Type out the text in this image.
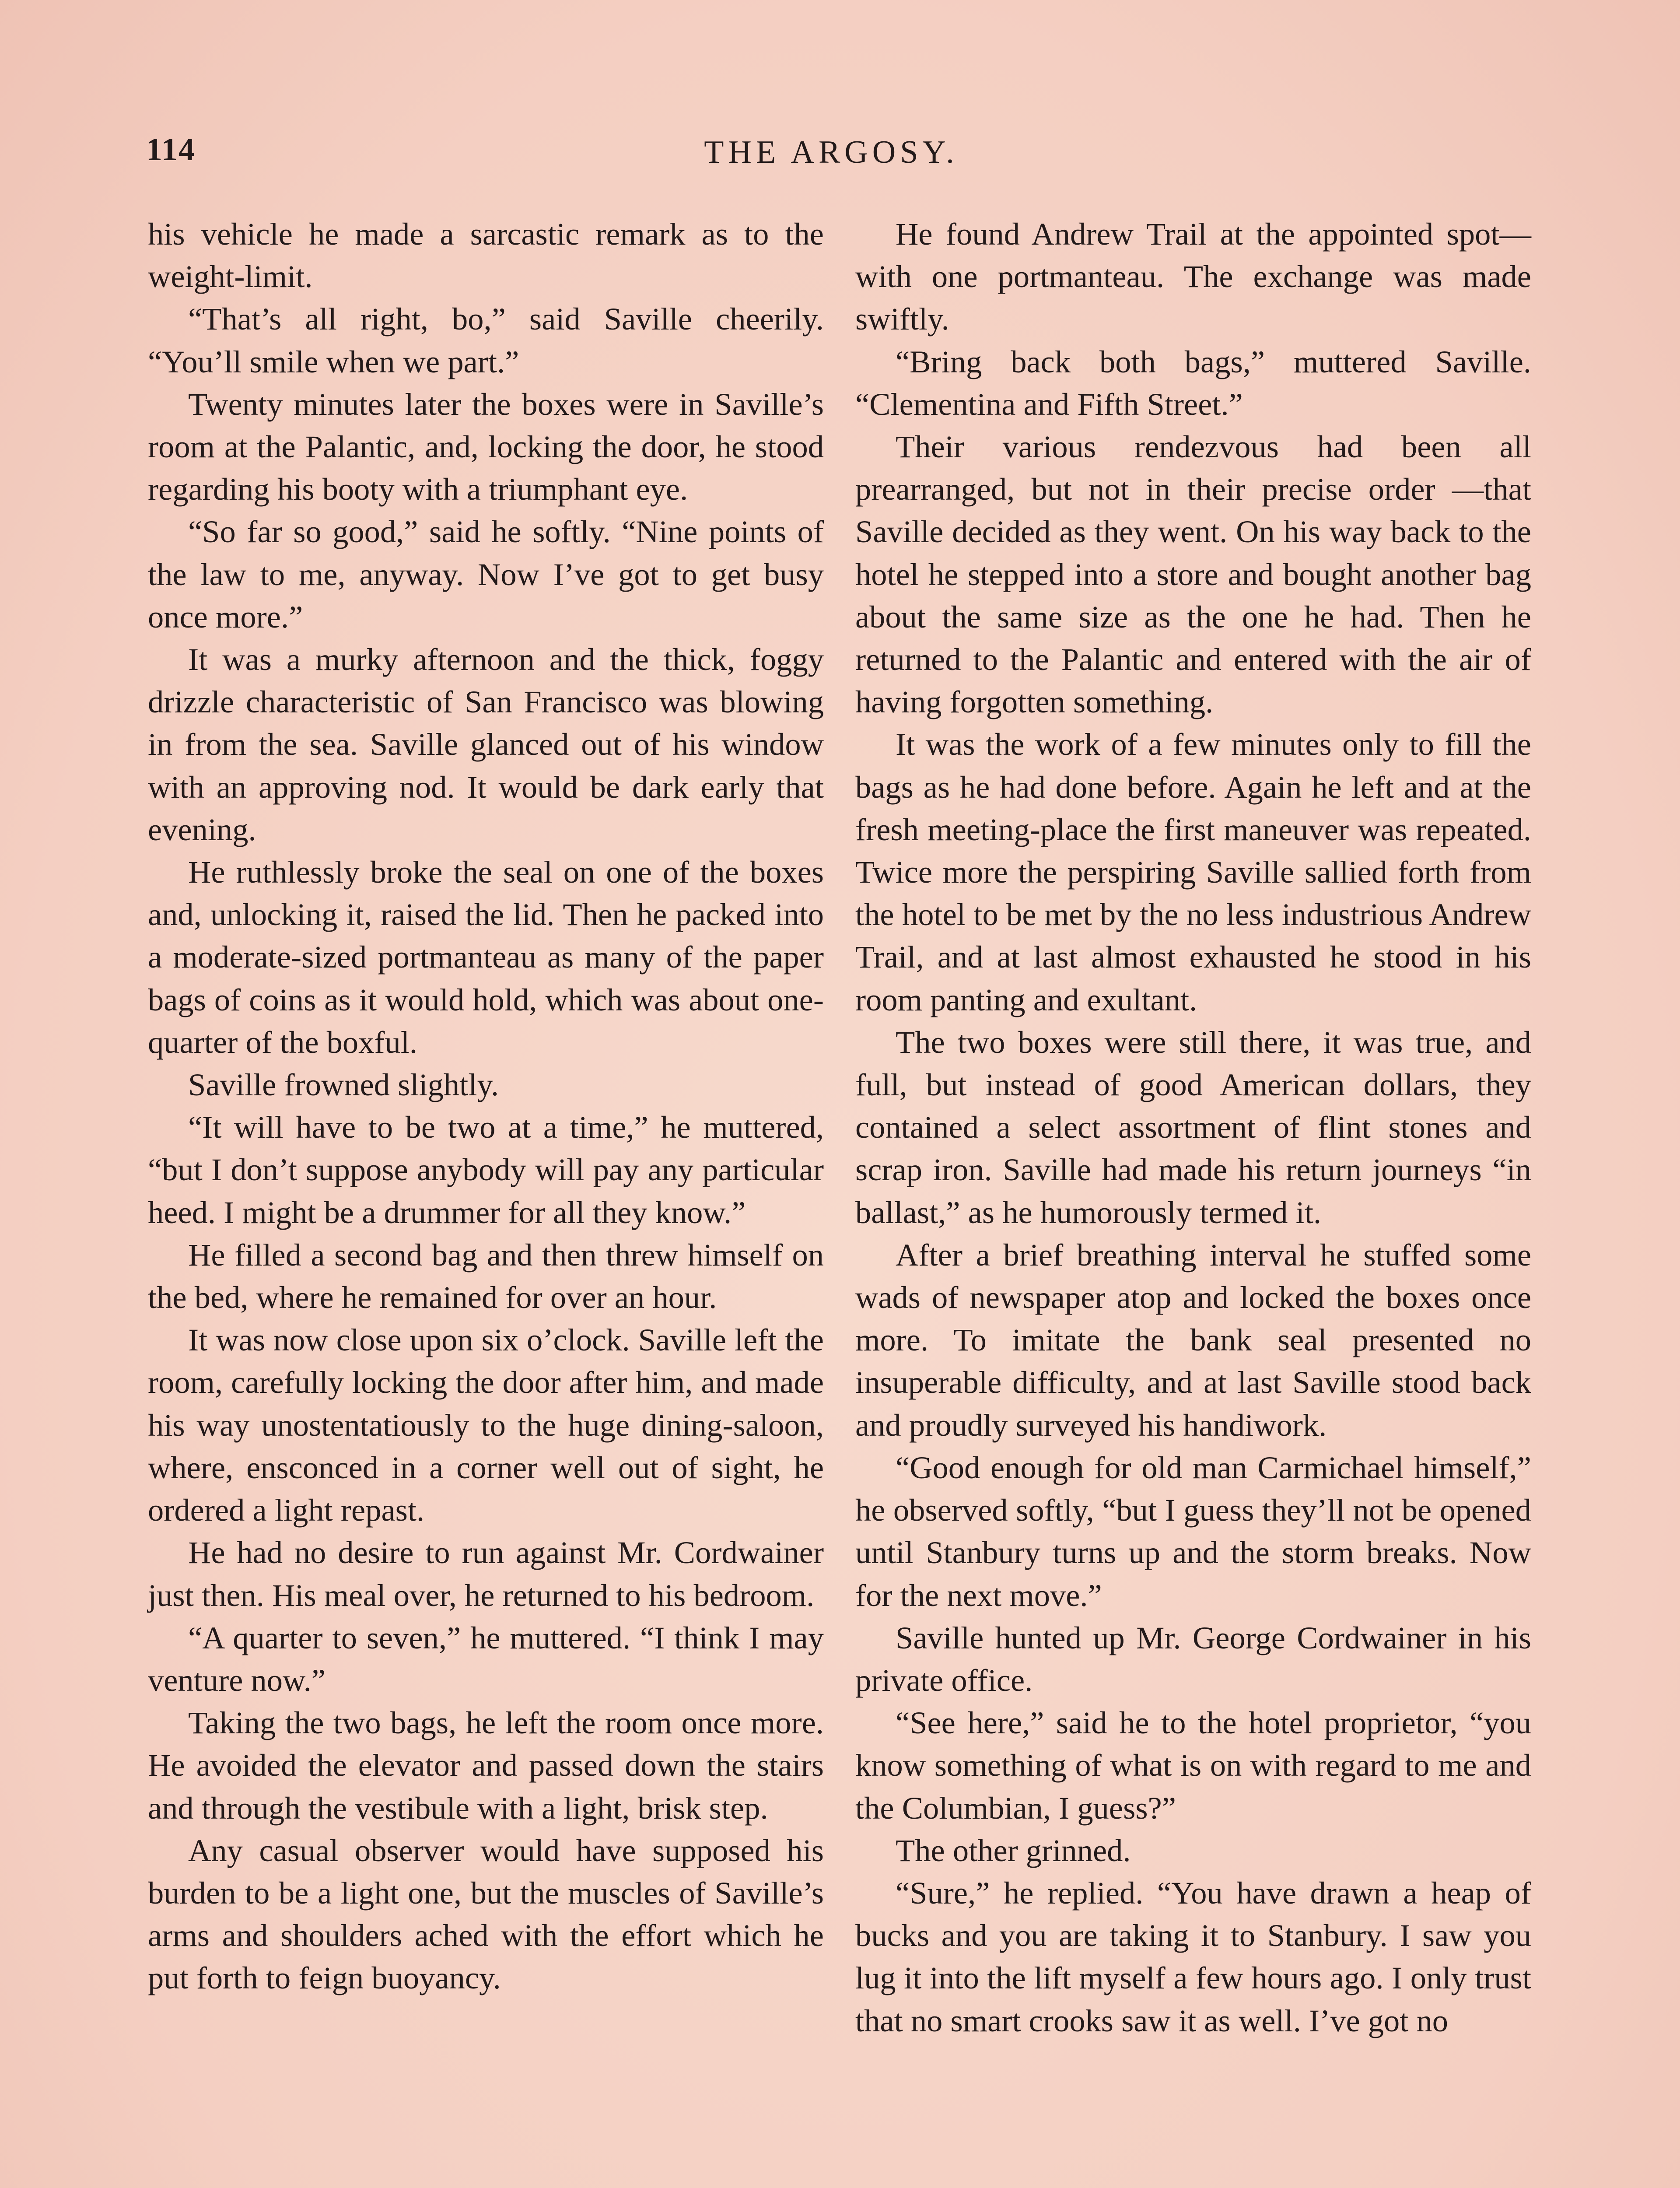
114	THE ARGOSY.

his vehicle he made a sarcastic remark as to the weight-limit.

“That’s all right, bo,” said Saville cheerily. “You’ll smile when we part.”

Twenty minutes later the boxes were in Saville’s room at the Palantic, and, locking the door, he stood regarding his booty with a triumphant eye.

“So far so good,” said he softly. “Nine points of the law to me, anyway. Now I’ve got to get busy once more.”

It was a murky afternoon and the thick, foggy drizzle characteristic of San Francisco was blowing in from the sea. Saville glanced out of his window with an approving nod. It would be dark early that evening.

He ruthlessly broke the seal on one of the boxes and, unlocking it, raised the lid. Then he packed into a moderate-sized portmanteau as many of the paper bags of coins as it would hold, which was about one-quarter of the boxful.

Saville frowned slightly.

“It will have to be two at a time,” he muttered, “but I don’t suppose anybody will pay any particular heed. I might be a drummer for all they know.”

He filled a second bag and then threw himself on the bed, where he remained for over an hour.

It was now close upon six o’clock. Saville left the room, carefully locking the door after him, and made his way unostentatiously to the huge dining-saloon, where, ensconced in a corner well out of sight, he ordered a light repast.

He had no desire to run against Mr. Cordwainer just then. His meal over, he returned to his bedroom.

“A quarter to seven,” he muttered. “I think I may venture now.”

Taking the two bags, he left the room once more. He avoided the elevator and passed down the stairs and through the vestibule with a light, brisk step.

Any casual observer would have supposed his burden to be a light one, but the muscles of Saville’s arms and shoulders ached with the effort which he put forth to feign buoyancy.

He found Andrew Trail at the appointed spot—with one portmanteau. The exchange was made swiftly.

“Bring back both bags,” muttered Saville. “Clementina and Fifth Street.”

Their various rendezvous had been all prearranged, but not in their precise order —that Saville decided as they went. On his way back to the hotel he stepped into a store and bought another bag about the same size as the one he had. Then he returned to the Palantic and entered with the air of having forgotten something.

It was the work of a few minutes only to fill the bags as he had done before. Again he left and at the fresh meeting-place the first maneuver was repeated. Twice more the perspiring Saville sallied forth from the hotel to be met by the no less industrious Andrew Trail, and at last almost exhausted he stood in his room panting and exultant.

The two boxes were still there, it was true, and full, but instead of good American dollars, they contained a select assortment of flint stones and scrap iron. Saville had made his return journeys “in ballast,” as he humorously termed it.

After a brief breathing interval he stuffed some wads of newspaper atop and locked the boxes once more. To imitate the bank seal presented no insuperable difficulty, and at last Saville stood back and proudly surveyed his handiwork.

“Good enough for old man Carmichael himself,” he observed softly, “but I guess they’ll not be opened until Stanbury turns up and the storm breaks. Now for the next move.”

Saville hunted up Mr. George Cordwainer in his private office.

“See here,” said he to the hotel proprietor, “you know something of what is on with regard to me and the Columbian, I guess?”

The other grinned.

“Sure,” he replied. “You have drawn a heap of bucks and you are taking it to Stanbury. I saw you lug it into the lift myself a few hours ago. I only trust that no smart crooks saw it as well. I’ve got no
